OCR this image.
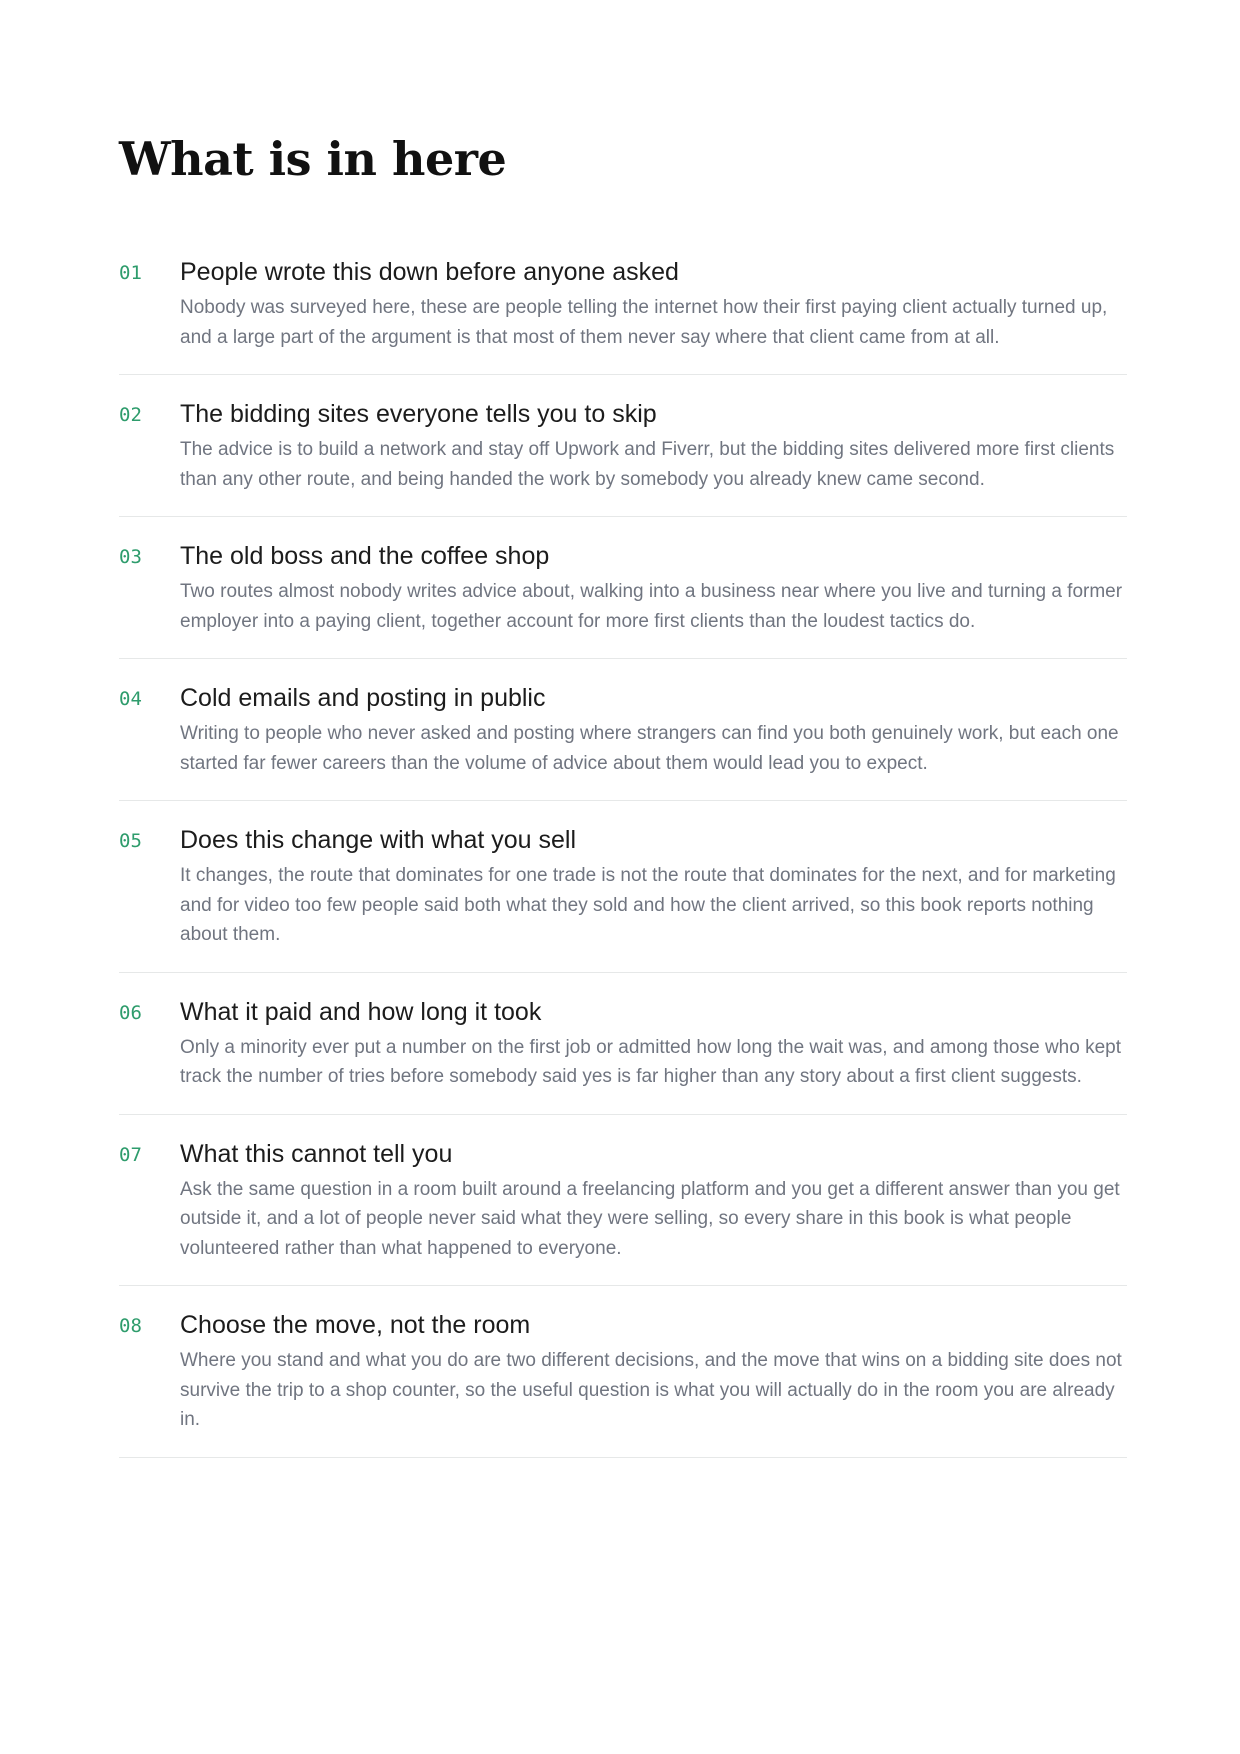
What is in here
01 People wrote this down before anyone asked

Nobody was surveyed here, these are people telling the internet how their first paying client actually turned up, and a large part of the argument is that most of them never say where that client came from at all.

02 The bidding sites everyone tells you to skip

The advice is to build a network and stay off Upwork and Fiverr, but the bidding sites delivered more first clients than any other route, and being handed the work by somebody you already knew came second.

03 The old boss and the coffee shop

Two routes almost nobody writes advice about, walking into a business near where you live and turning a former employer into a paying client, together account for more first clients than the loudest tactics do.

04 Cold emails and posting in public

Writing to people who never asked and posting where strangers can find you both genuinely work, but each one started far fewer careers than the volume of advice about them would lead you to expect.

05 Does this change with what you sell

It changes, the route that dominates for one trade is not the route that dominates for the next, and for marketing and for video too few people said both what they sold and how the client arrived, so this book reports nothing about them.

06 What it paid and how long it took

Only a minority ever put a number on the first job or admitted how long the wait was, and among those who kept track the number of tries before somebody said yes is far higher than any story about a first client suggests.

07 What this cannot tell you

Ask the same question in a room built around a freelancing platform and you get a different answer than you get outside it, and a lot of people never said what they were selling, so every share in this book is what people volunteered rather than what happened to everyone.

08 Choose the move, not the room

Where you stand and what you do are two different decisions, and the move that wins on a bidding site does not survive the trip to a shop counter, so the useful question is what you will actually do in the room you are already in.
